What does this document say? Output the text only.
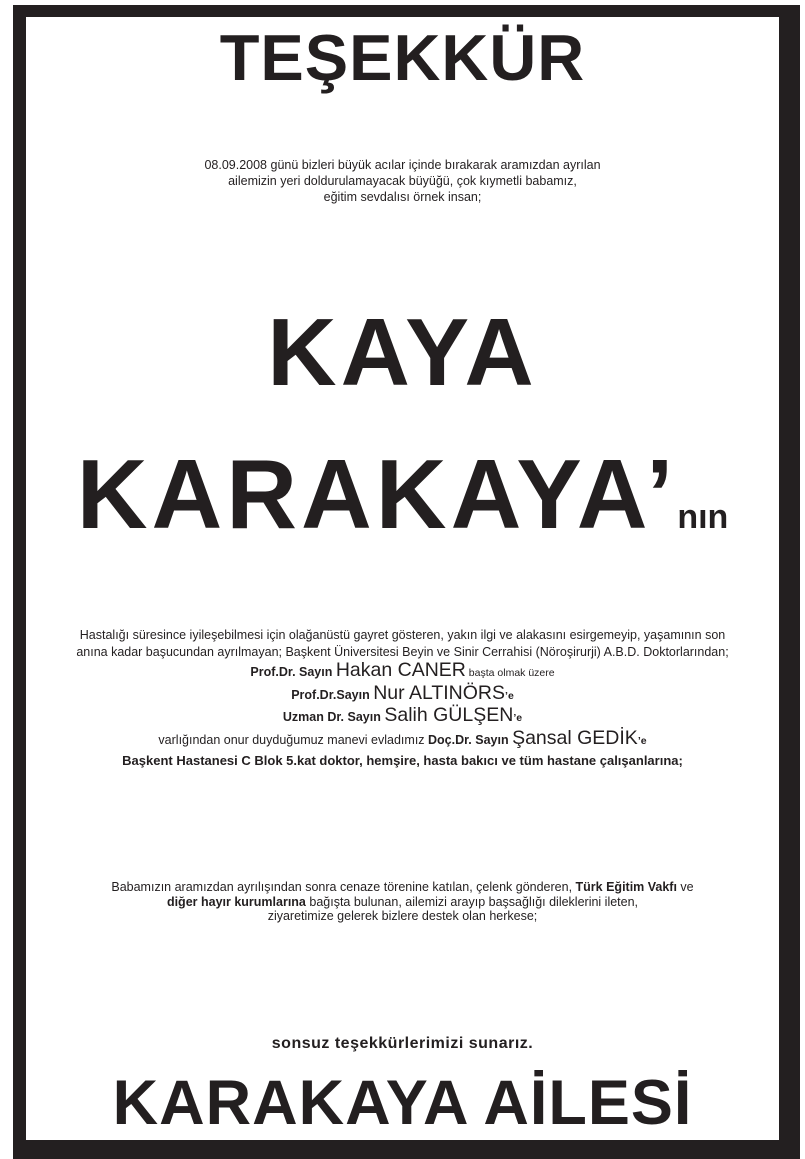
TEŞEKKÜR
08.09.2008 günü bizleri büyük acılar içinde bırakarak aramızdan ayrılan
ailemizin yeri doldurulamayacak büyüğü, çok kıymetli babamız,
eğitim sevdalısı örnek insan;
KAYA
KARAKAYA’nın
Hastalığı süresince iyileşebilmesi için olağanüstü gayret gösteren, yakın ilgi ve alakasını esirgemeyip, yaşamının son
anına kadar başucundan ayrılmayan; Başkent Üniversitesi Beyin ve Sinir Cerrahisi (Nöroşirurji) A.B.D. Doktorlarından;
Prof.Dr. Sayın Hakan CANER başta olmak üzere
Prof.Dr.Sayın Nur ALTINÖRS’e
Uzman Dr. Sayın Salih GÜLŞEN’e
varlığından onur duyduğumuz manevi evladımız Doç.Dr. Sayın Şansal GEDİK’e
Başkent Hastanesi C Blok 5.kat doktor, hemşire, hasta bakıcı ve tüm hastane çalışanlarına;
Babamızın aramızdan ayrılışından sonra cenaze törenine katılan, çelenk gönderen, Türk Eğitim Vakfı ve
diğer hayır kurumlarına bağışta bulunan, ailemizi arayıp başsağlığı dileklerini ileten,
ziyaretimize gelerek bizlere destek olan herkese;
sonsuz teşekkürlerimizi sunarız.
KARAKAYA AİLESİ
